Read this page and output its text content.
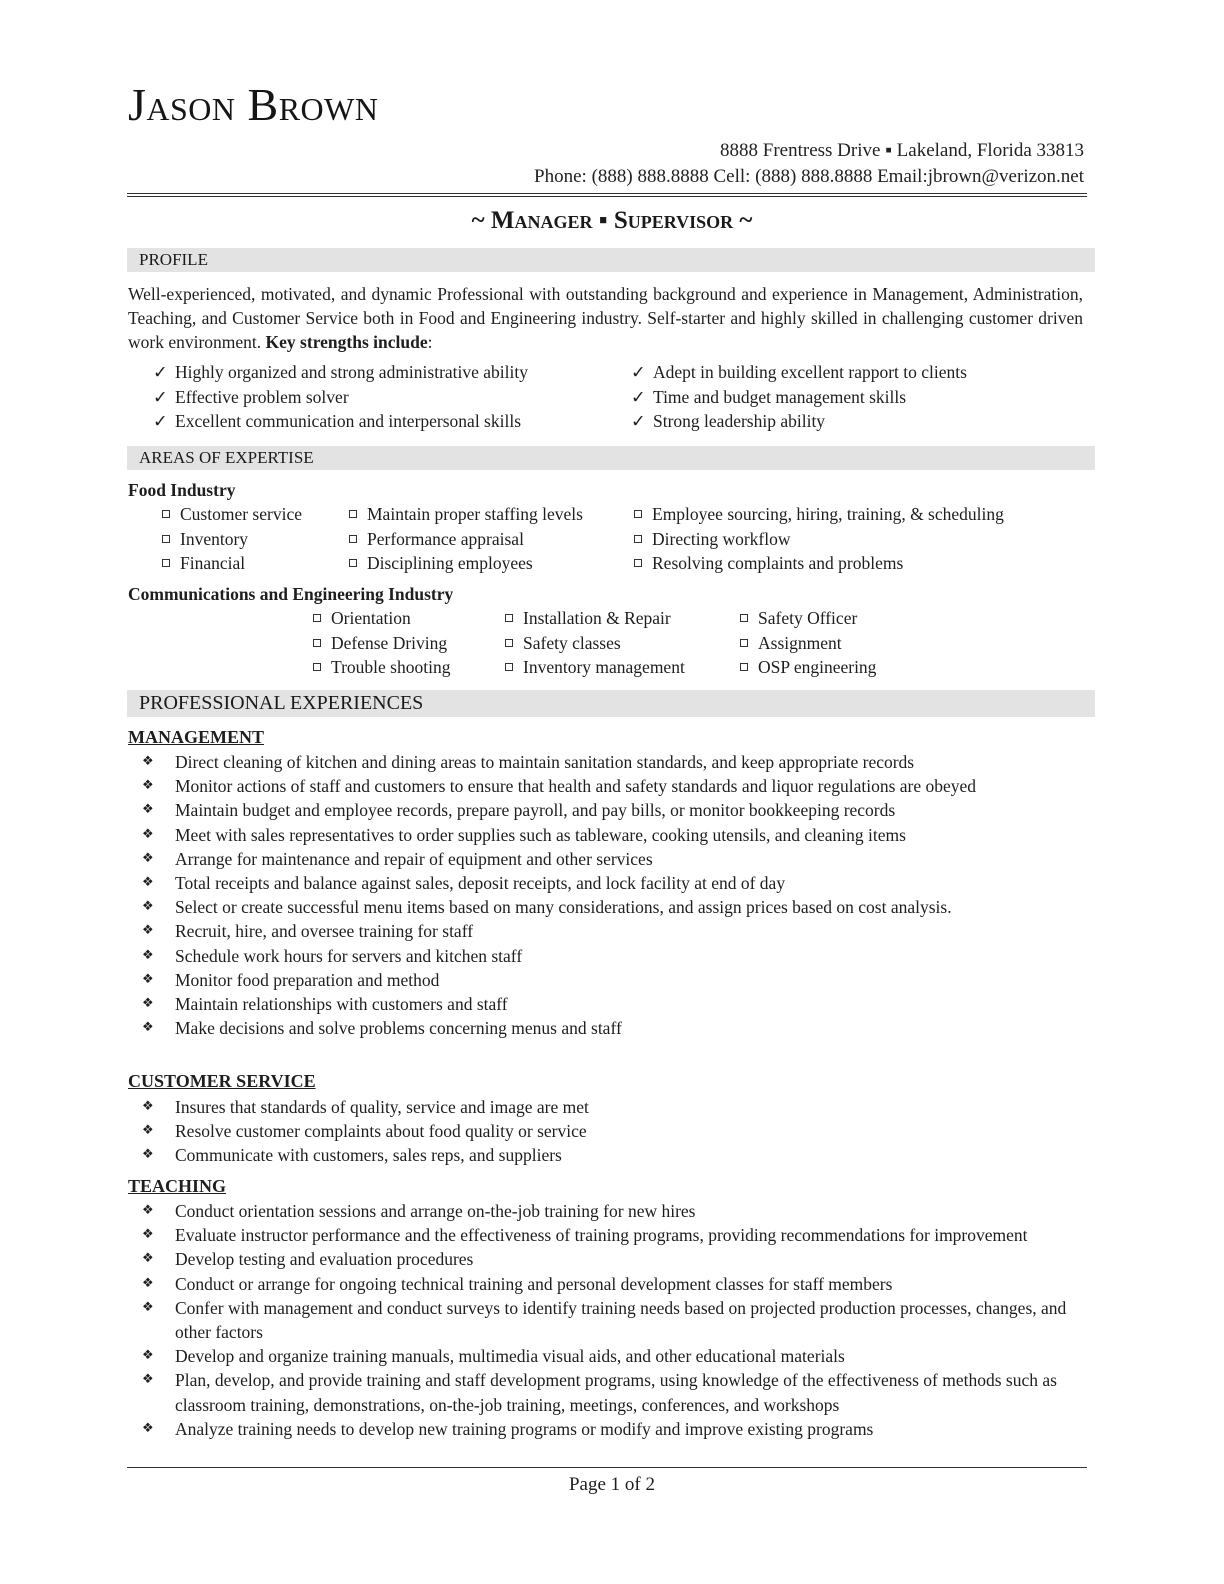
Jason Brown
8888 Frentress Drive ▪ Lakeland, Florida 33813
Phone: (888) 888.8888 Cell: (888) 888.8888 Email:jbrown@verizon.net
~ Manager ▪ Supervisor ~
PROFILE

Well-experienced, motivated, and dynamic Professional with outstanding background and experience in Management, Administration, Teaching, and Customer Service both in Food and Engineering industry. Self-starter and highly skilled in challenging customer driven work environment. Key strengths include:

✓ Highly organized and strong administrative ability
✓ Effective problem solver
✓ Excellent communication and interpersonal skills
✓ Adept in building excellent rapport to clients
✓ Time and budget management skills
✓ Strong leadership ability
AREAS OF EXPERTISE
Food Industry
Customer service
Inventory
Financial
Maintain proper staffing levels
Performance appraisal
Disciplining employees
Employee sourcing, hiring, training, & scheduling
Directing workflow
Resolving complaints and problems
Communications and Engineering Industry
Orientation
Defense Driving
Trouble shooting
Installation & Repair
Safety classes
Inventory management
Safety Officer
Assignment
OSP engineering
PROFESSIONAL EXPERIENCES
MANAGEMENT
❖ Direct cleaning of kitchen and dining areas to maintain sanitation standards, and keep appropriate records
❖ Monitor actions of staff and customers to ensure that health and safety standards and liquor regulations are obeyed
❖ Maintain budget and employee records, prepare payroll, and pay bills, or monitor bookkeeping records
❖ Meet with sales representatives to order supplies such as tableware, cooking utensils, and cleaning items
❖ Arrange for maintenance and repair of equipment and other services
❖ Total receipts and balance against sales, deposit receipts, and lock facility at end of day
❖ Select or create successful menu items based on many considerations, and assign prices based on cost analysis.
❖ Recruit, hire, and oversee training for staff
❖ Schedule work hours for servers and kitchen staff
❖ Monitor food preparation and method
❖ Maintain relationships with customers and staff
❖ Make decisions and solve problems concerning menus and staff
CUSTOMER SERVICE
❖ Insures that standards of quality, service and image are met
❖ Resolve customer complaints about food quality or service
❖ Communicate with customers, sales reps, and suppliers
TEACHING
❖ Conduct orientation sessions and arrange on-the-job training for new hires
❖ Evaluate instructor performance and the effectiveness of training programs, providing recommendations for improvement
❖ Develop testing and evaluation procedures
❖ Conduct or arrange for ongoing technical training and personal development classes for staff members
❖ Confer with management and conduct surveys to identify training needs based on projected production processes, changes, and other factors
❖ Develop and organize training manuals, multimedia visual aids, and other educational materials
❖ Plan, develop, and provide training and staff development programs, using knowledge of the effectiveness of methods such as classroom training, demonstrations, on-the-job training, meetings, conferences, and workshops
❖ Analyze training needs to develop new training programs or modify and improve existing programs
Page 1 of 2
